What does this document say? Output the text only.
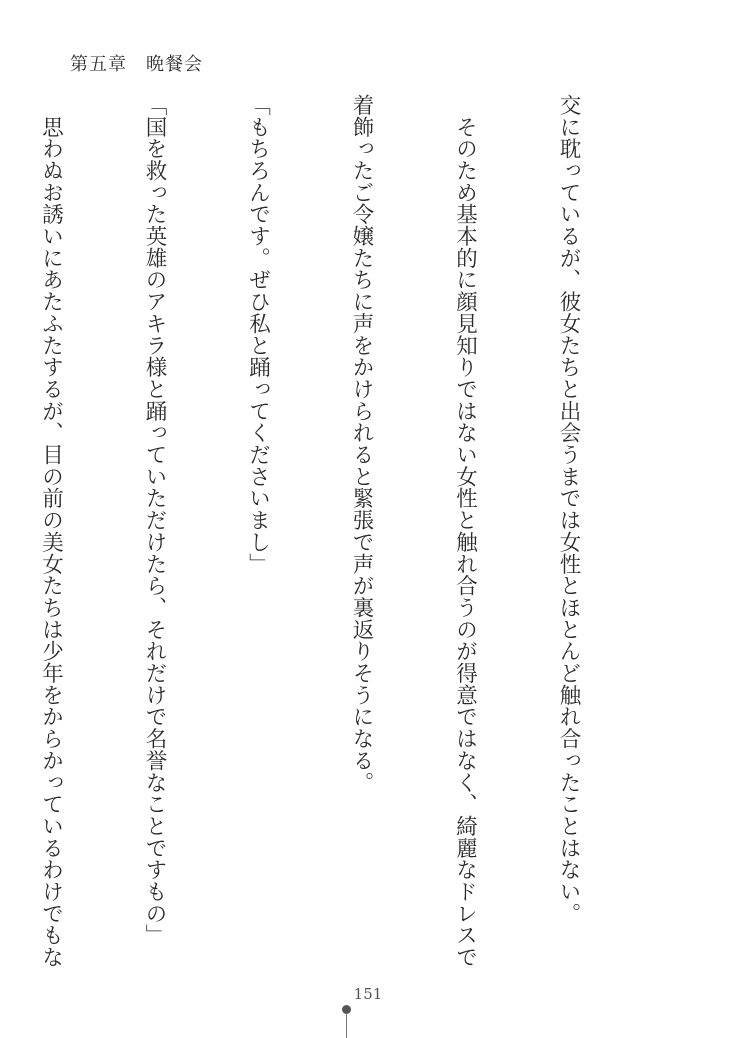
第五章　晩餐会

交に耽っているが、彼女たちと出会うまでは女性とほとんど触れ合ったことはない。

　そのため基本的に顔見知りではない女性と触れ合うのが得意ではなく、綺麗なドレスで

着飾ったご令嬢たちに声をかけられると緊張で声が裏返りそうになる。

「もちろんです。ぜひ私と踊ってくださいまし」

「国を救った英雄のアキラ様と踊っていただけたら、それだけで名誉なことですもの」

　思わぬお誘いにあたふたするが、目の前の美女たちは少年をからかっているわけでもな

151
